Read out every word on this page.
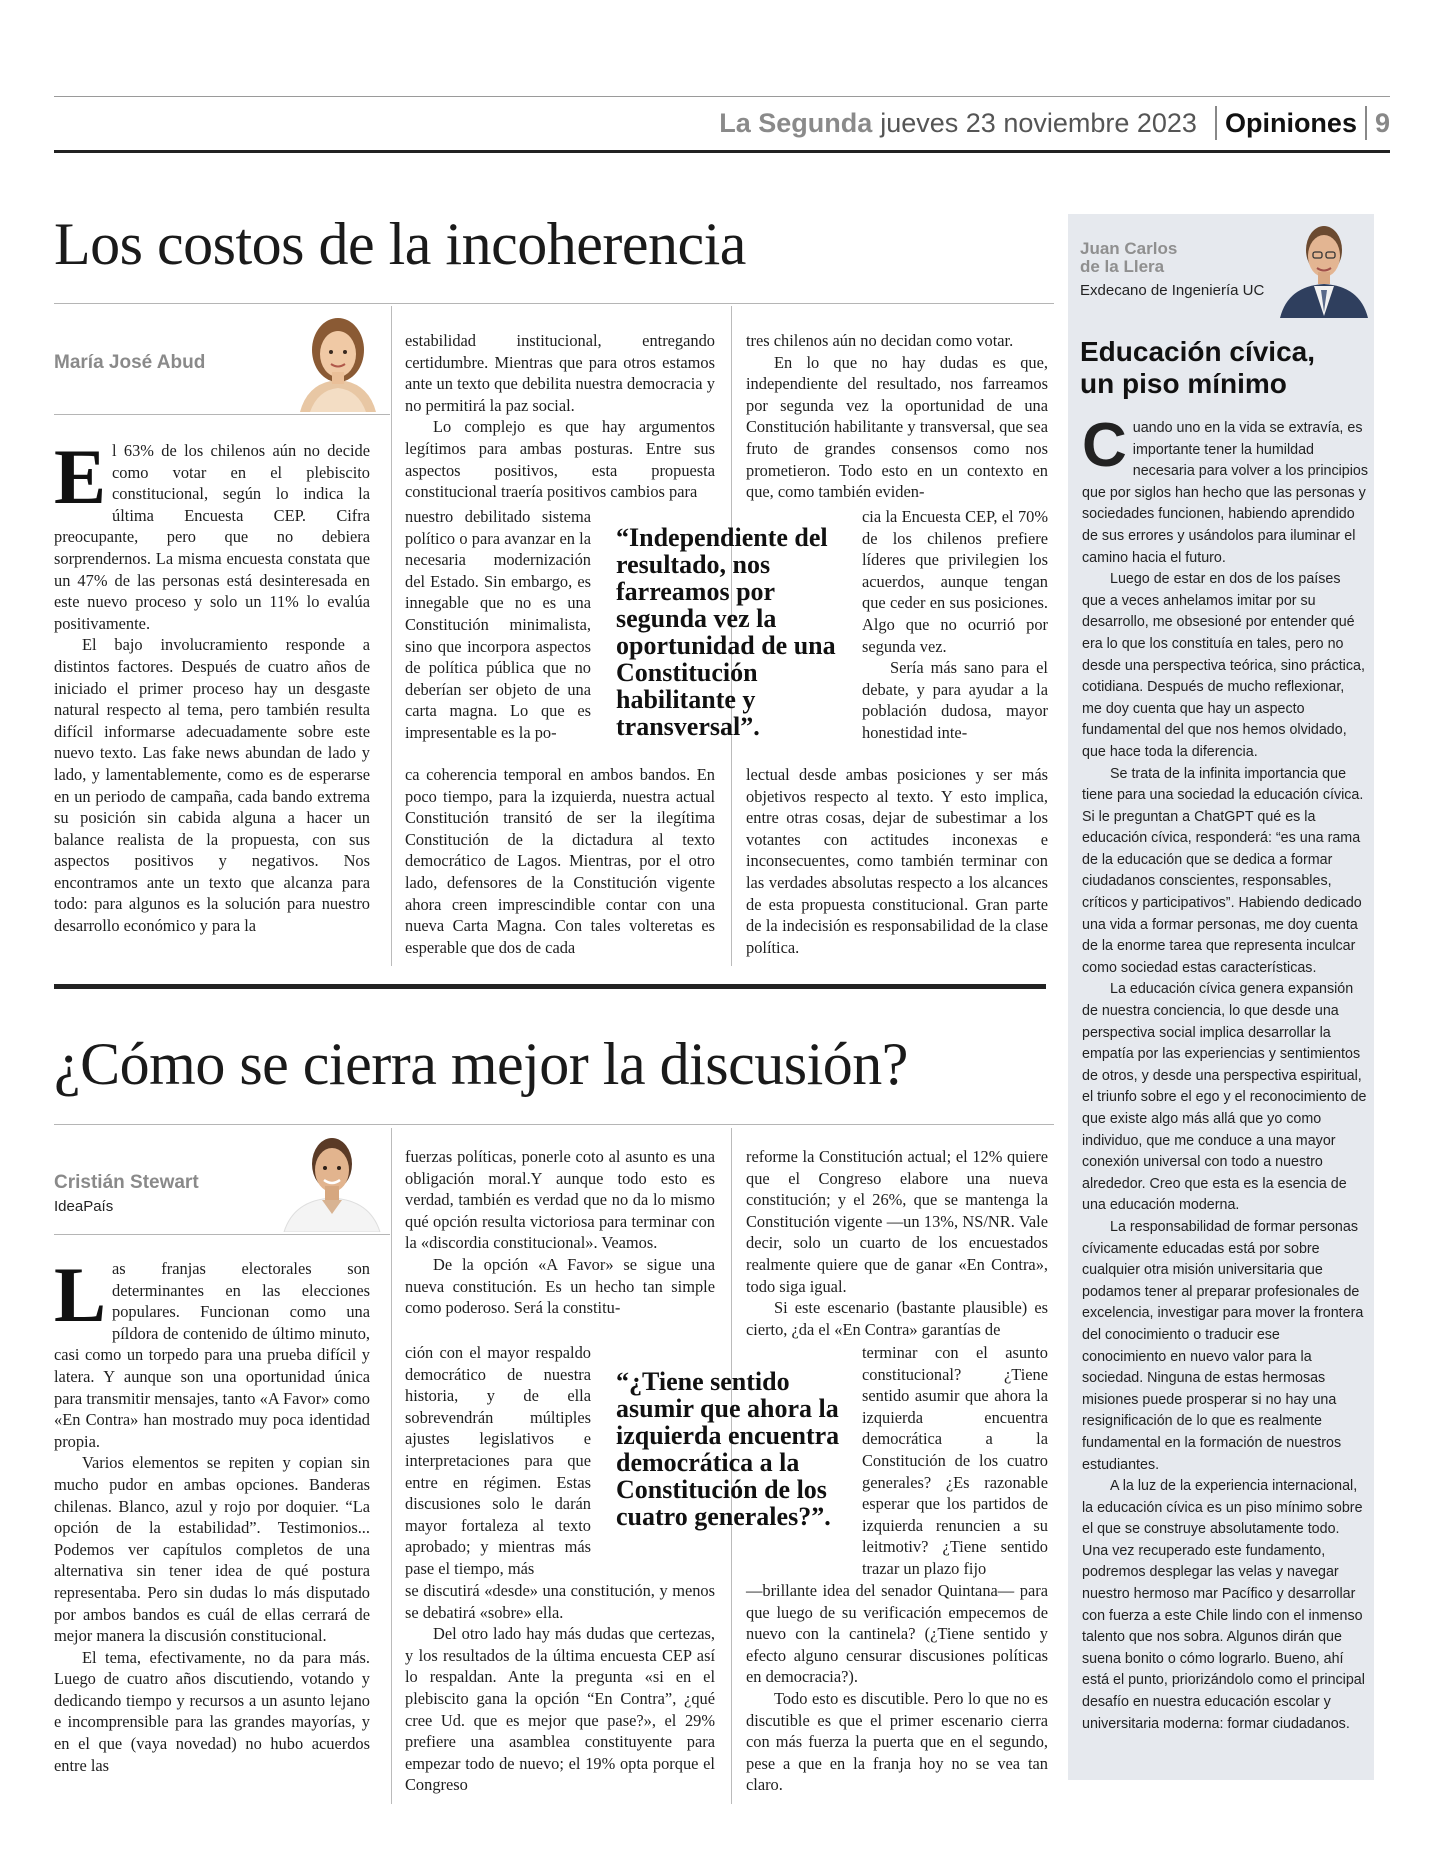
La Segunda jueves 23 noviembre 2023 Opiniones 9
Los costos de la incoherencia
María José Abud
E l 63% de los chilenos aún no decide como votar en el plebiscito constitucional, según lo indica la última Encuesta CEP. Cifra preocupante, pero que no debiera sorprendernos. La misma encuesta constata que un 47% de las personas está desinteresada en este nuevo proceso y solo un 11% lo evalúa positivamente.

El bajo involucramiento responde a distintos factores. Después de cuatro años de iniciado el primer proceso hay un desgaste natural respecto al tema, pero también resulta difícil informarse adecuadamente sobre este nuevo texto. Las fake news abundan de lado y lado, y lamentablemente, como es de esperarse en un periodo de campaña, cada bando extrema su posición sin cabida alguna a hacer un balance realista de la propuesta, con sus aspectos positivos y negativos. Nos encontramos ante un texto que alcanza para todo: para algunos es la solución para nuestro desarrollo económico y para la

estabilidad institucional, entregando certidumbre. Mientras que para otros estamos ante un texto que debilita nuestra democracia y no permitirá la paz social.

Lo complejo es que hay argumentos legítimos para ambas posturas. Entre sus aspectos positivos, esta propuesta constitucional traería positivos cambios para

nuestro debilitado sistema político o para avanzar en la necesaria modernización del Estado. Sin embargo, es innegable que no es una Constitución minimalista, sino que incorpora aspectos de política pública que no deberían ser objeto de una carta magna. Lo que es impresentable es la po-

ca coherencia temporal en ambos bandos. En poco tiempo, para la izquierda, nuestra actual Constitución transitó de ser la ilegítima Constitución de la dictadura al texto democrático de Lagos. Mientras, por el otro lado, defensores de la Constitución vigente ahora creen imprescindible contar con una nueva Carta Magna. Con tales volteretas es esperable que dos de cada

tres chilenos aún no decidan como votar.

En lo que no hay dudas es que, independiente del resultado, nos farreamos por segunda vez la oportunidad de una Constitución habilitante y transversal, que sea fruto de grandes consensos como nos prometieron. Todo esto en un contexto en que, como también eviden-

cia la Encuesta CEP, el 70% de los chilenos prefiere líderes que privilegien los acuerdos, aunque tengan que ceder en sus posiciones. Algo que no ocurrió por segunda vez.

Sería más sano para el debate, y para ayudar a la población dudosa, mayor honestidad inte-

lectual desde ambas posiciones y ser más objetivos respecto al texto. Y esto implica, entre otras cosas, dejar de subestimar a los votantes con actitudes inconexas e inconsecuentes, como también terminar con las verdades absolutas respecto a los alcances de esta propuesta constitucional. Gran parte de la indecisión es responsabilidad de la clase política.

“Independiente del resultado, nos farreamos por segunda vez la oportunidad de una Constitución habilitante y transversal”.
¿Cómo se cierra mejor la discusión?
Cristián Stewart
IdeaPaís
L as franjas electorales son determinantes en las elecciones populares. Funcionan como una píldora de contenido de último minuto, casi como un torpedo para una prueba difícil y latera. Y aunque son una oportunidad única para transmitir mensajes, tanto «A Favor» como «En Contra» han mostrado muy poca identidad propia.

Varios elementos se repiten y copian sin mucho pudor en ambas opciones. Banderas chilenas. Blanco, azul y rojo por doquier. “La opción de la estabilidad”. Testimonios... Podemos ver capítulos completos de una alternativa sin tener idea de qué postura representaba. Pero sin dudas lo más disputado por ambos bandos es cuál de ellas cerrará de mejor manera la discusión constitucional.

El tema, efectivamente, no da para más. Luego de cuatro años discutiendo, votando y dedicando tiempo y recursos a un asunto lejano e incomprensible para las grandes mayorías, y en el que (vaya novedad) no hubo acuerdos entre las

fuerzas políticas, ponerle coto al asunto es una obligación moral.Y aunque todo esto es verdad, también es verdad que no da lo mismo qué opción resulta victoriosa para terminar con la «discordia constitucional». Veamos.

De la opción «A Favor» se sigue una nueva constitución. Es un hecho tan simple como poderoso. Será la constitu-

ción con el mayor respaldo democrático de nuestra historia, y de ella sobrevendrán múltiples ajustes legislativos e interpretaciones para que entre en régimen. Estas discusiones solo le darán mayor fortaleza al texto aprobado; y mientras más pase el tiempo, más

se discutirá «desde» una constitución, y menos se debatirá «sobre» ella.

Del otro lado hay más dudas que certezas, y los resultados de la última encuesta CEP así lo respaldan. Ante la pregunta «si en el plebiscito gana la opción “En Contra”, ¿qué cree Ud. que es mejor que pase?», el 29% prefiere una asamblea constituyente para empezar todo de nuevo; el 19% opta porque el Congreso

reforme la Constitución actual; el 12% quiere que el Congreso elabore una nueva constitución; y el 26%, que se mantenga la Constitución vigente —un 13%, NS/NR. Vale decir, solo un cuarto de los encuestados realmente quiere que de ganar «En Contra», todo siga igual.

Si este escenario (bastante plausible) es cierto, ¿da el «En Contra» garantías de

terminar con el asunto constitucional? ¿Tiene sentido asumir que ahora la izquierda encuentra democrática a la Constitución de los cuatro generales? ¿Es razonable esperar que los partidos de izquierda renuncien a su leitmotiv? ¿Tiene sentido trazar un plazo fijo

—brillante idea del senador Quintana— para que luego de su verificación empecemos de nuevo con la cantinela? (¿Tiene sentido y efecto alguno censurar discusiones políticas en democracia?).

Todo esto es discutible. Pero lo que no es discutible es que el primer escenario cierra con más fuerza la puerta que en el segundo, pese a que en la franja hoy no se vea tan claro.

“¿Tiene sentido asumir que ahora la izquierda encuentra democrática a la Constitución de los cuatro generales?”.
Juan Carlos
de la Llera
Exdecano de Ingeniería UC
Educación cívica,
un piso mínimo
C uando uno en la vida se extravía, es importante tener la humildad necesaria para volver a los principios que por siglos han hecho que las personas y sociedades funcionen, habiendo aprendido de sus errores y usándolos para iluminar el camino hacia el futuro.

Luego de estar en dos de los países que a veces anhelamos imitar por su desarrollo, me obsesioné por entender qué era lo que los constituía en tales, pero no desde una perspectiva teórica, sino práctica, cotidiana. Después de mucho reflexionar, me doy cuenta que hay un aspecto fundamental del que nos hemos olvidado, que hace toda la diferencia.

Se trata de la infinita importancia que tiene para una sociedad la educación cívica. Si le preguntan a ChatGPT qué es la educación cívica, responderá: “es una rama de la educación que se dedica a formar ciudadanos conscientes, responsables, críticos y participativos”. Habiendo dedicado una vida a formar personas, me doy cuenta de la enorme tarea que representa inculcar como sociedad estas características.

La educación cívica genera expansión de nuestra conciencia, lo que desde una perspectiva social implica desarrollar la empatía por las experiencias y sentimientos de otros, y desde una perspectiva espiritual, el triunfo sobre el ego y el reconocimiento de que existe algo más allá que yo como individuo, que me conduce a una mayor conexión universal con todo a nuestro alrededor. Creo que esta es la esencia de una educación moderna.

La responsabilidad de formar personas cívicamente educadas está por sobre cualquier otra misión universitaria que podamos tener al preparar profesionales de excelencia, investigar para mover la frontera del conocimiento o traducir ese conocimiento en nuevo valor para la sociedad. Ninguna de estas hermosas misiones puede prosperar si no hay una resignificación de lo que es realmente fundamental en la formación de nuestros estudiantes.

A la luz de la experiencia internacional, la educación cívica es un piso mínimo sobre el que se construye absolutamente todo. Una vez recuperado este fundamento, podremos desplegar las velas y navegar nuestro hermoso mar Pacífico y desarrollar con fuerza a este Chile lindo con el inmenso talento que nos sobra. Algunos dirán que suena bonito o cómo lograrlo. Bueno, ahí está el punto, priorizándolo como el principal desafío en nuestra educación escolar y universitaria moderna: formar ciudadanos.
